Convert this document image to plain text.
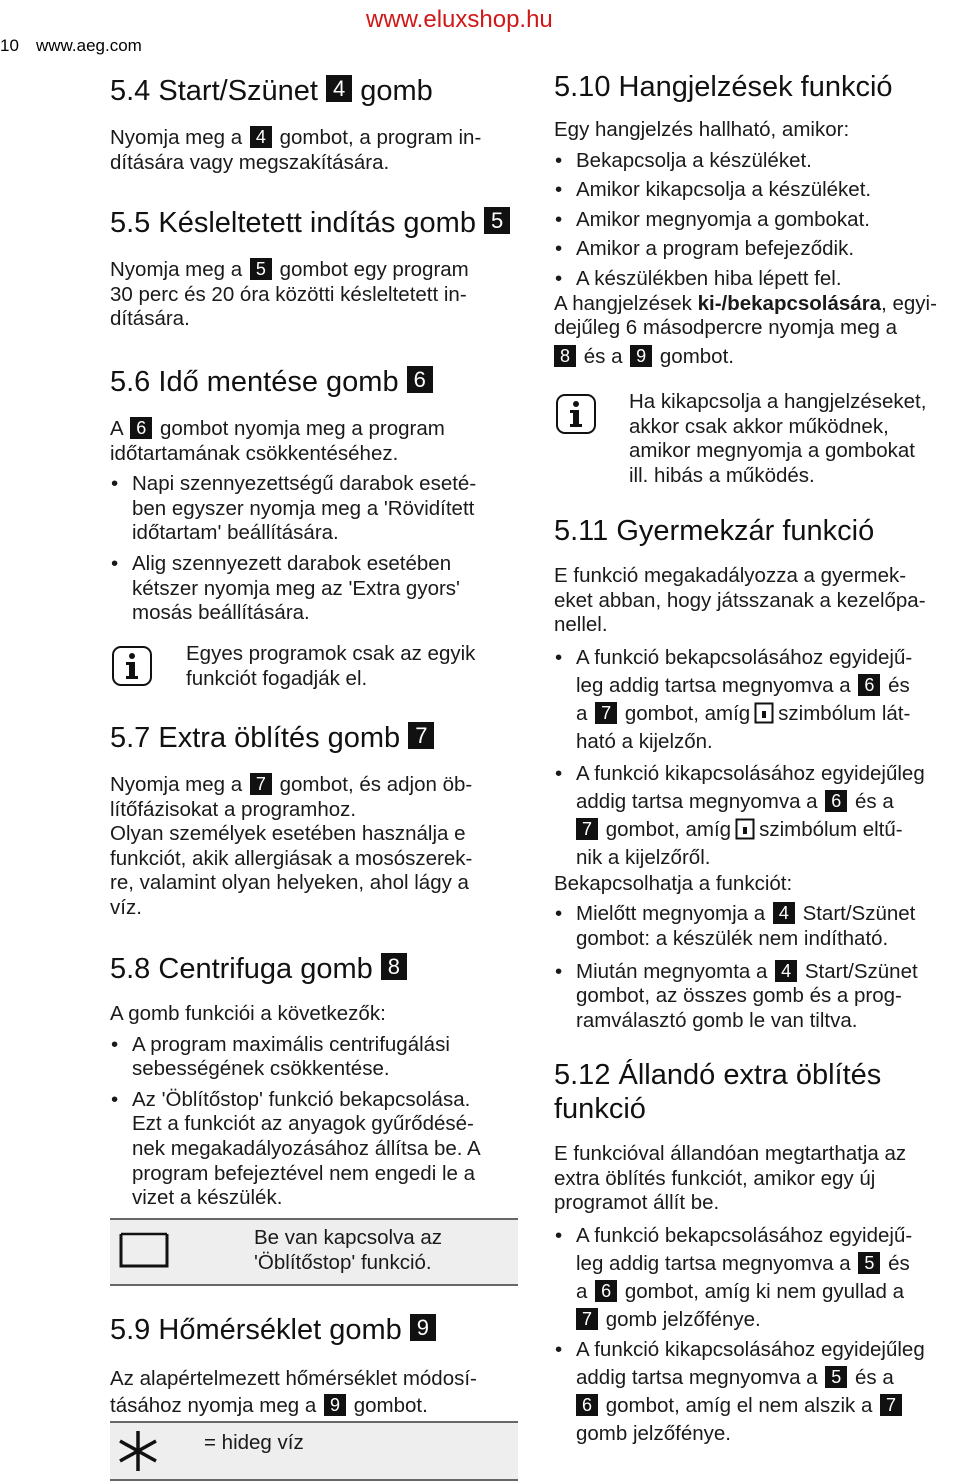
10 www.aeg.com
www.eluxshop.hu
5.4 Start/Szünet 4 gomb

Nyomja meg a 4 gombot, a program in-
dítására vagy megszakítására.

5.5 Késleltetett indítás gomb 5

Nyomja meg a 5 gombot egy program
30 perc és 20 óra közötti késleltetett in-
dítására.

5.6 Idő mentése gomb 6

A 6 gombot nyomja meg a program
időtartamának csökkentéséhez.

• Napi szennyezettségű darabok eseté-
ben egyszer nyomja meg a 'Rövidített
időtartam' beállítására.
• Alig szennyezett darabok esetében
kétszer nyomja meg az 'Extra gyors'
mosás beállítására.

Egyes programok csak az egyik
funkciót fogadják el.

5.7 Extra öblítés gomb 7

Nyomja meg a 7 gombot, és adjon öb-
lítőfázisokat a programhoz.
Olyan személyek esetében használja e
funkciót, akik allergiásak a mosószerek-
re, valamint olyan helyeken, ahol lágy a
víz.

5.8 Centrifuga gomb 8

A gomb funkciói a következők:

• A program maximális centrifugálási
sebességének csökkentése.
• Az 'Öblítőstop' funkció bekapcsolása.
Ezt a funkciót az anyagok gyűrődésé-
nek megakadályozásához állítsa be. A
program befejeztével nem engedi le a
vizet a készülék.

Be van kapcsolva az
'Öblítőstop' funkció.

5.9 Hőmérséklet gomb 9

Az alapértelmezett hőmérséklet módosí-
tásához nyomja meg a 9 gombot.

= hideg víz

5.10 Hangjelzések funkció

Egy hangjelzés hallható, amikor:

• Bekapcsolja a készüléket.
• Amikor kikapcsolja a készüléket.
• Amikor megnyomja a gombokat.
• Amikor a program befejeződik.
• A készülékben hiba lépett fel.

A hangjelzések ki-/bekapcsolására, egyi-
dejűleg 6 másodpercre nyomja meg a

8 és a 9 gombot.

Ha kikapcsolja a hangjelzéseket,
akkor csak akkor működnek,
amikor megnyomja a gombokat
ill. hibás a működés.

5.11 Gyermekzár funkció

E funkció megakadályozza a gyermek-
eket abban, hogy játsszanak a kezelőpa-
nellel.

• A funkció bekapcsolásához egyidejű-
leg addig tartsa megnyomva a 6 és
a 7 gombot, amíg szimbólum lát-
ható a kijelzőn.
• A funkció kikapcsolásához egyidejűleg
addig tartsa megnyomva a 6 és a
7 gombot, amíg szimbólum eltű-
nik a kijelzőről.

Bekapcsolhatja a funkciót:

• Mielőtt megnyomja a 4 Start/Szünet
gombot: a készülék nem indítható.
• Miután megnyomta a 4 Start/Szünet
gombot, az összes gomb és a prog-
ramválasztó gomb le van tiltva.
5.12 Állandó extra öblítés
funkció

E funkcióval állandóan megtarthatja az
extra öblítés funkciót, amikor egy új
programot állít be.

• A funkció bekapcsolásához egyidejű-
leg addig tartsa megnyomva a 5 és
a 6 gombot, amíg ki nem gyullad a
7 gomb jelzőfénye.
• A funkció kikapcsolásához egyidejűleg
addig tartsa megnyomva a 5 és a
6 gombot, amíg el nem alszik a 7
gomb jelzőfénye.
